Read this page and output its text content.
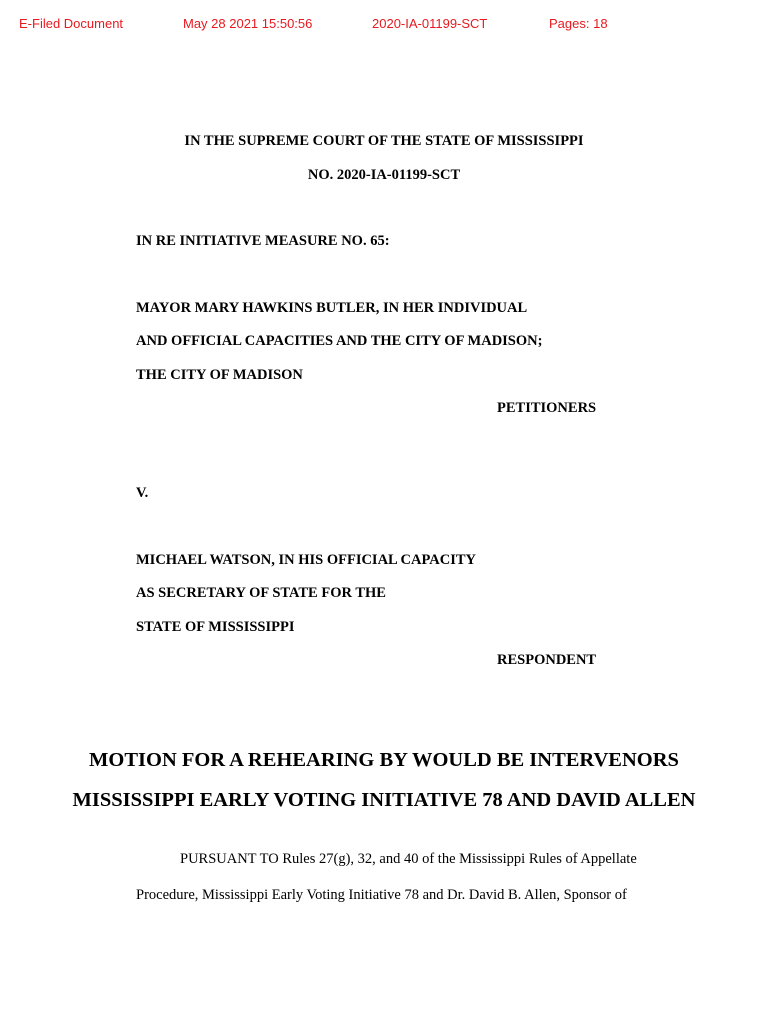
E-Filed Document	May 28 2021 15:50:56	2020-IA-01199-SCT	Pages: 18
IN THE SUPREME COURT OF THE STATE OF MISSISSIPPI
NO. 2020-IA-01199-SCT
IN RE INITIATIVE MEASURE NO. 65:
MAYOR MARY HAWKINS BUTLER, IN HER INDIVIDUAL
AND OFFICIAL CAPACITIES AND THE CITY OF MADISON;
THE CITY OF MADISON
PETITIONERS
V.
MICHAEL WATSON, IN HIS OFFICIAL CAPACITY
AS SECRETARY OF STATE FOR THE
STATE OF MISSISSIPPI
RESPONDENT
MOTION FOR A REHEARING BY WOULD BE INTERVENORS
MISSISSIPPI EARLY VOTING INITIATIVE 78 AND DAVID ALLEN
PURSUANT TO Rules 27(g), 32, and 40 of the Mississippi Rules of Appellate
Procedure, Mississippi Early Voting Initiative 78 and Dr. David B. Allen, Sponsor of
